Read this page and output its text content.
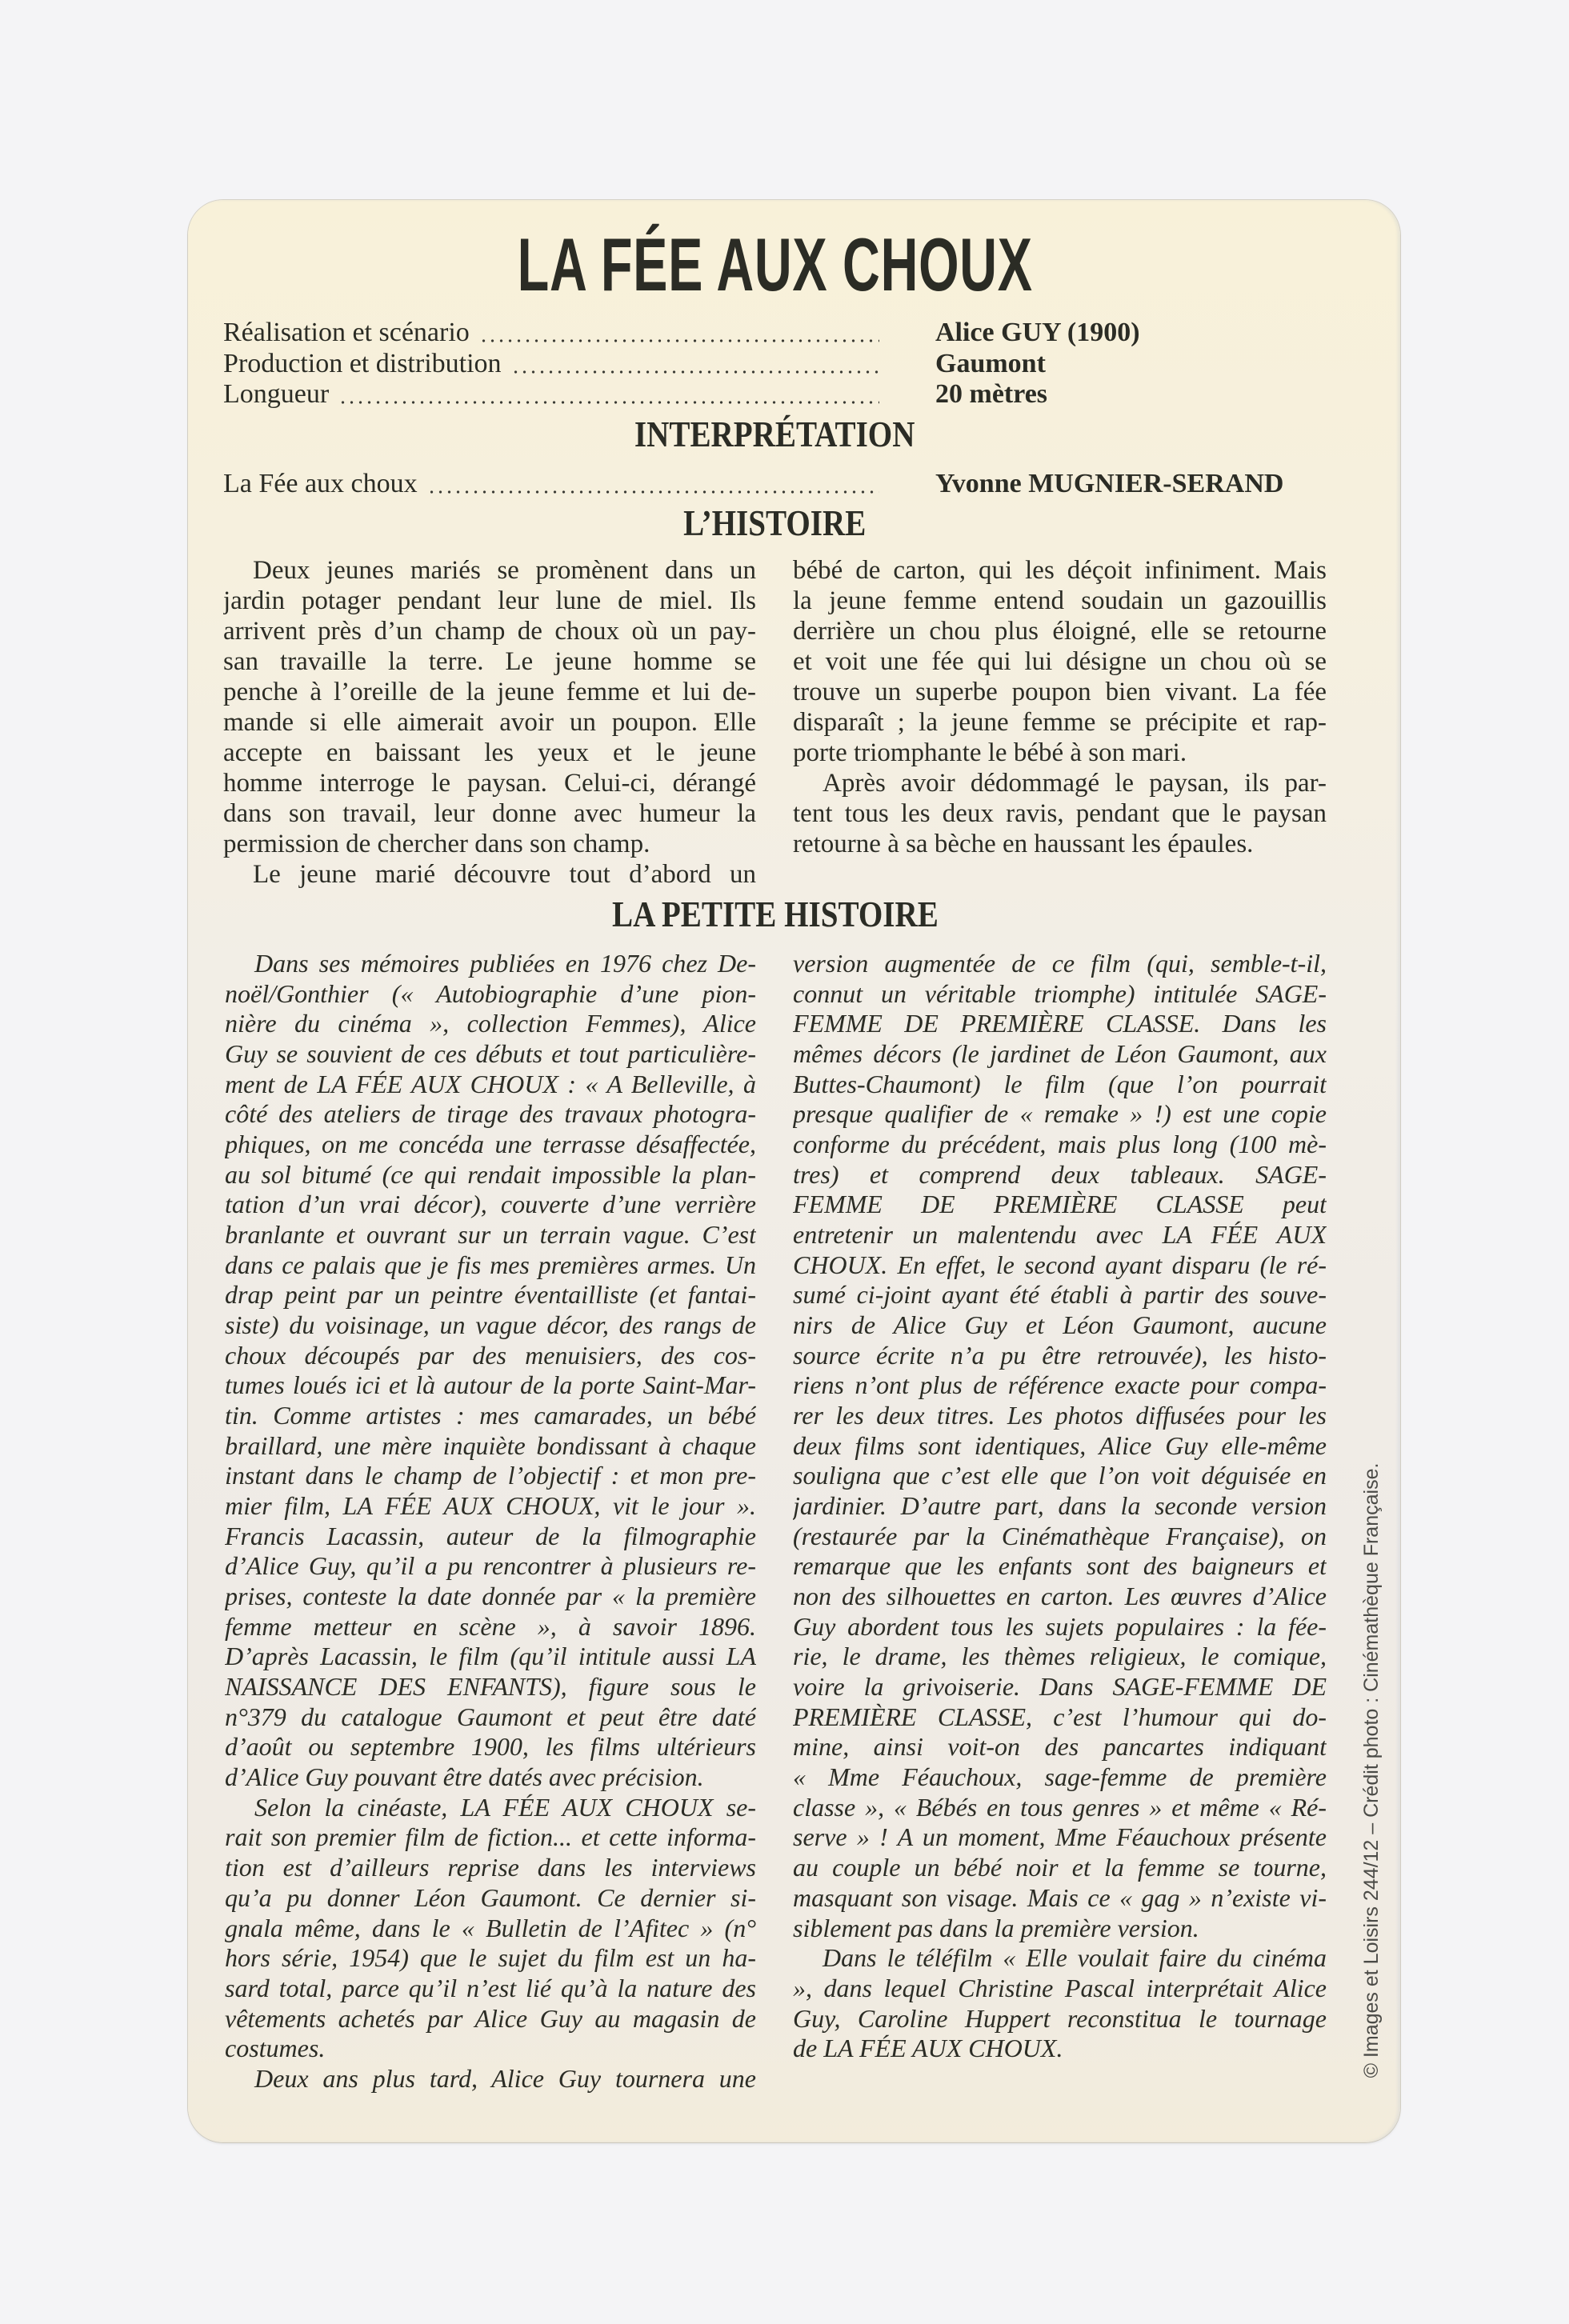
LA FÉE AUX CHOUX
Réalisation et scénario	Alice GUY (1900)
Production et distribution	Gaumont
Longueur	20 mètres
INTERPRÉTATION
La Fée aux choux	Yvonne MUGNIER-SERAND
L’HISTOIRE
Deux jeunes mariés se promènent dans un
jardin potager pendant leur lune de miel. Ils
arrivent près d’un champ de choux où un pay-
san travaille la terre. Le jeune homme se
penche à l’oreille de la jeune femme et lui de-
mande si elle aimerait avoir un poupon. Elle
accepte en baissant les yeux et le jeune
homme interroge le paysan. Celui-ci, dérangé
dans son travail, leur donne avec humeur la
permission de chercher dans son champ.
Le jeune marié découvre tout d’abord un
bébé de carton, qui les déçoit infiniment. Mais
la jeune femme entend soudain un gazouillis
derrière un chou plus éloigné, elle se retourne
et voit une fée qui lui désigne un chou où se
trouve un superbe poupon bien vivant. La fée
disparaît ; la jeune femme se précipite et rap-
porte triomphante le bébé à son mari.
Après avoir dédommagé le paysan, ils par-
tent tous les deux ravis, pendant que le paysan
retourne à sa bèche en haussant les épaules.
LA PETITE HISTOIRE
Dans ses mémoires publiées en 1976 chez De-
noël/Gonthier (« Autobiographie d’une pion-
nière du cinéma », collection Femmes), Alice
Guy se souvient de ces débuts et tout particulière-
ment de LA FÉE AUX CHOUX : « A Belleville, à
côté des ateliers de tirage des travaux photogra-
phiques, on me concéda une terrasse désaffectée,
au sol bitumé (ce qui rendait impossible la plan-
tation d’un vrai décor), couverte d’une verrière
branlante et ouvrant sur un terrain vague. C’est
dans ce palais que je fis mes premières armes. Un
drap peint par un peintre éventailliste (et fantai-
siste) du voisinage, un vague décor, des rangs de
choux découpés par des menuisiers, des cos-
tumes loués ici et là autour de la porte Saint-Mar-
tin. Comme artistes : mes camarades, un bébé
braillard, une mère inquiète bondissant à chaque
instant dans le champ de l’objectif : et mon pre-
mier film, LA FÉE AUX CHOUX, vit le jour ».
Francis Lacassin, auteur de la filmographie
d’Alice Guy, qu’il a pu rencontrer à plusieurs re-
prises, conteste la date donnée par « la première
femme metteur en scène », à savoir 1896.
D’après Lacassin, le film (qu’il intitule aussi LA
NAISSANCE DES ENFANTS), figure sous le
n°379 du catalogue Gaumont et peut être daté
d’août ou septembre 1900, les films ultérieurs
d’Alice Guy pouvant être datés avec précision.
Selon la cinéaste, LA FÉE AUX CHOUX se-
rait son premier film de fiction... et cette informa-
tion est d’ailleurs reprise dans les interviews
qu’a pu donner Léon Gaumont. Ce dernier si-
gnala même, dans le « Bulletin de l’Afitec » (n°
hors série, 1954) que le sujet du film est un ha-
sard total, parce qu’il n’est lié qu’à la nature des
vêtements achetés par Alice Guy au magasin de
costumes.
Deux ans plus tard, Alice Guy tournera une
version augmentée de ce film (qui, semble-t-il,
connut un véritable triomphe) intitulée SAGE-
FEMME DE PREMIÈRE CLASSE. Dans les
mêmes décors (le jardinet de Léon Gaumont, aux
Buttes-Chaumont) le film (que l’on pourrait
presque qualifier de « remake » !) est une copie
conforme du précédent, mais plus long (100 mè-
tres) et comprend deux tableaux. SAGE-
FEMME DE PREMIÈRE CLASSE peut
entretenir un malentendu avec LA FÉE AUX
CHOUX. En effet, le second ayant disparu (le ré-
sumé ci-joint ayant été établi à partir des souve-
nirs de Alice Guy et Léon Gaumont, aucune
source écrite n’a pu être retrouvée), les histo-
riens n’ont plus de référence exacte pour compa-
rer les deux titres. Les photos diffusées pour les
deux films sont identiques, Alice Guy elle-même
souligna que c’est elle que l’on voit déguisée en
jardinier. D’autre part, dans la seconde version
(restaurée par la Cinémathèque Française), on
remarque que les enfants sont des baigneurs et
non des silhouettes en carton. Les œuvres d’Alice
Guy abordent tous les sujets populaires : la fée-
rie, le drame, les thèmes religieux, le comique,
voire la grivoiserie. Dans SAGE-FEMME DE
PREMIÈRE CLASSE, c’est l’humour qui do-
mine, ainsi voit-on des pancartes indiquant
« Mme Féauchoux, sage-femme de première
classe », « Bébés en tous genres » et même « Ré-
serve » ! A un moment, Mme Féauchoux présente
au couple un bébé noir et la femme se tourne,
masquant son visage. Mais ce « gag » n’existe vi-
siblement pas dans la première version.
Dans le téléfilm « Elle voulait faire du cinéma
», dans lequel Christine Pascal interprétait Alice
Guy, Caroline Huppert reconstitua le tournage
de LA FÉE AUX CHOUX.	© Images et Loisirs 244/12 – Crédit photo : Cinémathèque Française.
